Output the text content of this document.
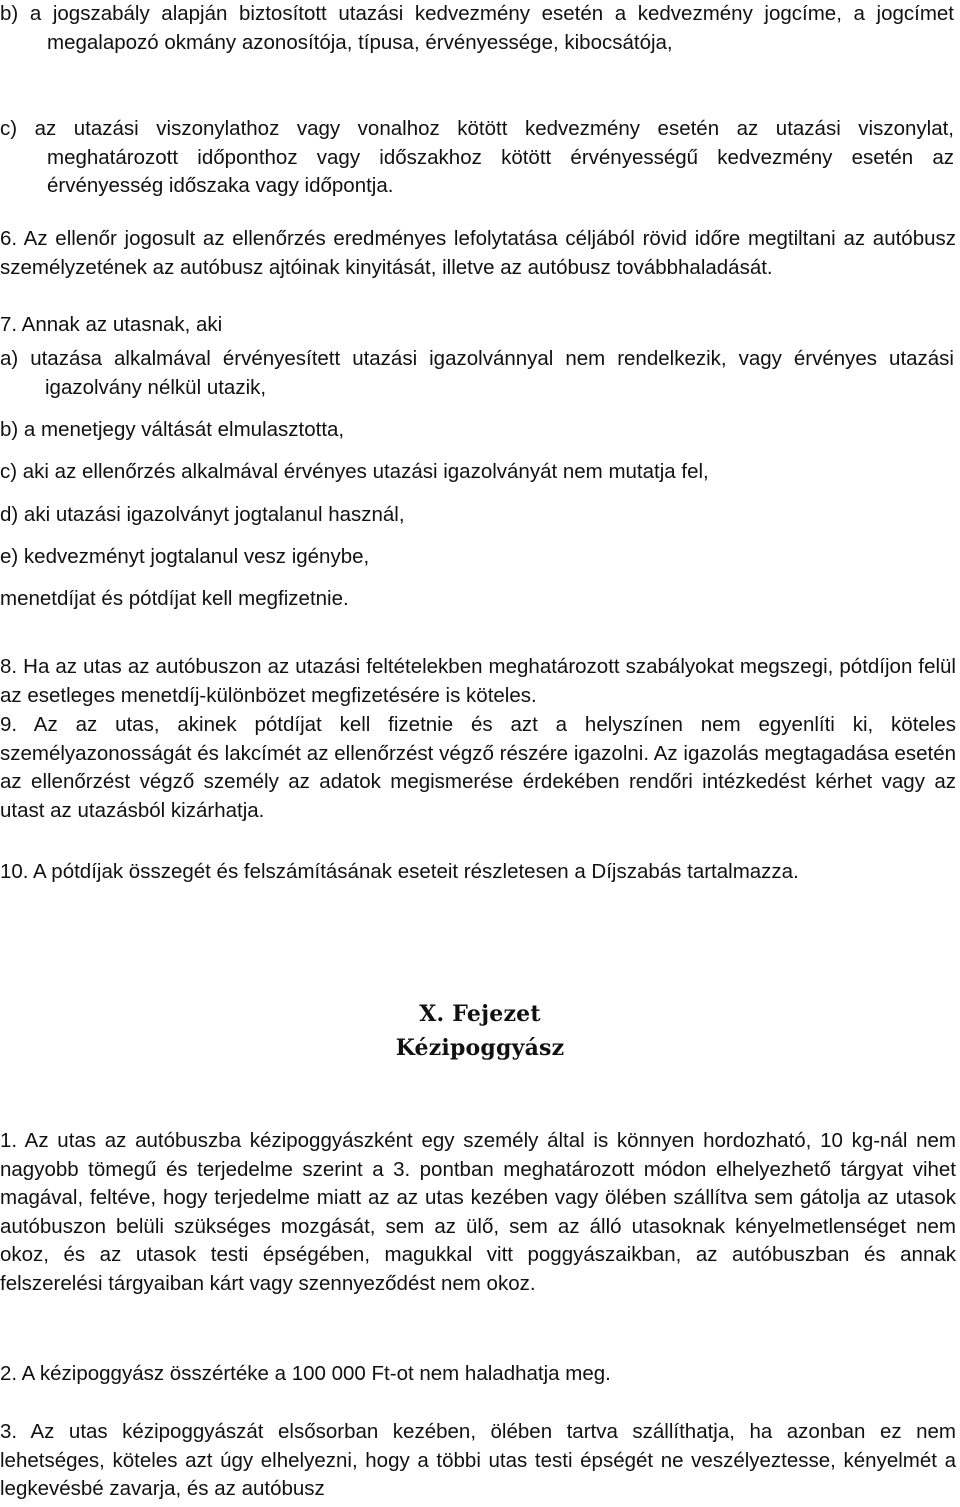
b) a jogszabály alapján biztosított utazási kedvezmény esetén a kedvezmény jogcíme, a jogcímet megalapozó okmány azonosítója, típusa, érvényessége, kibocsátója,

c) az utazási viszonylathoz vagy vonalhoz kötött kedvezmény esetén az utazási viszonylat, meghatározott időponthoz vagy időszakhoz kötött érvényességű kedvezmény esetén az érvényesség időszaka vagy időpontja.

6. Az ellenőr jogosult az ellenőrzés eredményes lefolytatása céljából rövid időre megtiltani az autóbusz személyzetének az autóbusz ajtóinak kinyitását, illetve az autóbusz továbbhaladását.

7. Annak az utasnak, aki

a) utazása alkalmával érvényesített utazási igazolvánnyal nem rendelkezik, vagy érvényes utazási igazolvány nélkül utazik,

b) a menetjegy váltását elmulasztotta,

c) aki az ellenőrzés alkalmával érvényes utazási igazolványát nem mutatja fel,

d) aki utazási igazolványt jogtalanul használ,

e) kedvezményt jogtalanul vesz igénybe,

menetdíjat és pótdíjat kell megfizetnie.

8. Ha az utas az autóbuszon az utazási feltételekben meghatározott szabályokat megszegi, pótdíjon felül az esetleges menetdíj-különbözet megfizetésére is köteles.

9. Az az utas, akinek pótdíjat kell fizetnie és azt a helyszínen nem egyenlíti ki, köteles személyazonosságát és lakcímét az ellenőrzést végző részére igazolni. Az igazolás megtagadása esetén az ellenőrzést végző személy az adatok megismerése érdekében rendőri intézkedést kérhet vagy az utast az utazásból kizárhatja.

10. A pótdíjak összegét és felszámításának eseteit részletesen a Díjszabás tartalmazza.

X. Fejezet
Kézipoggyász

1. Az utas az autóbuszba kézipoggyászként egy személy által is könnyen hordozható, 10 kg-nál nem nagyobb tömegű és terjedelme szerint a 3. pontban meghatározott módon elhelyezhető tárgyat vihet magával, feltéve, hogy terjedelme miatt az az utas kezében vagy ölében szállítva sem gátolja az utasok autóbuszon belüli szükséges mozgását, sem az ülő, sem az álló utasoknak kényelmetlenséget nem okoz, és az utasok testi épségében, magukkal vitt poggyászaikban, az autóbuszban és annak felszerelési tárgyaiban kárt vagy szennyeződést nem okoz.

2. A kézipoggyász összértéke a 100 000 Ft-ot nem haladhatja meg.

3. Az utas kézipoggyászát elsősorban kezében, ölében tartva szállíthatja, ha azonban ez nem lehetséges, köteles azt úgy elhelyezni, hogy a többi utas testi épségét ne veszélyeztesse, kényelmét a legkevésbé zavarja, és az autóbusz
